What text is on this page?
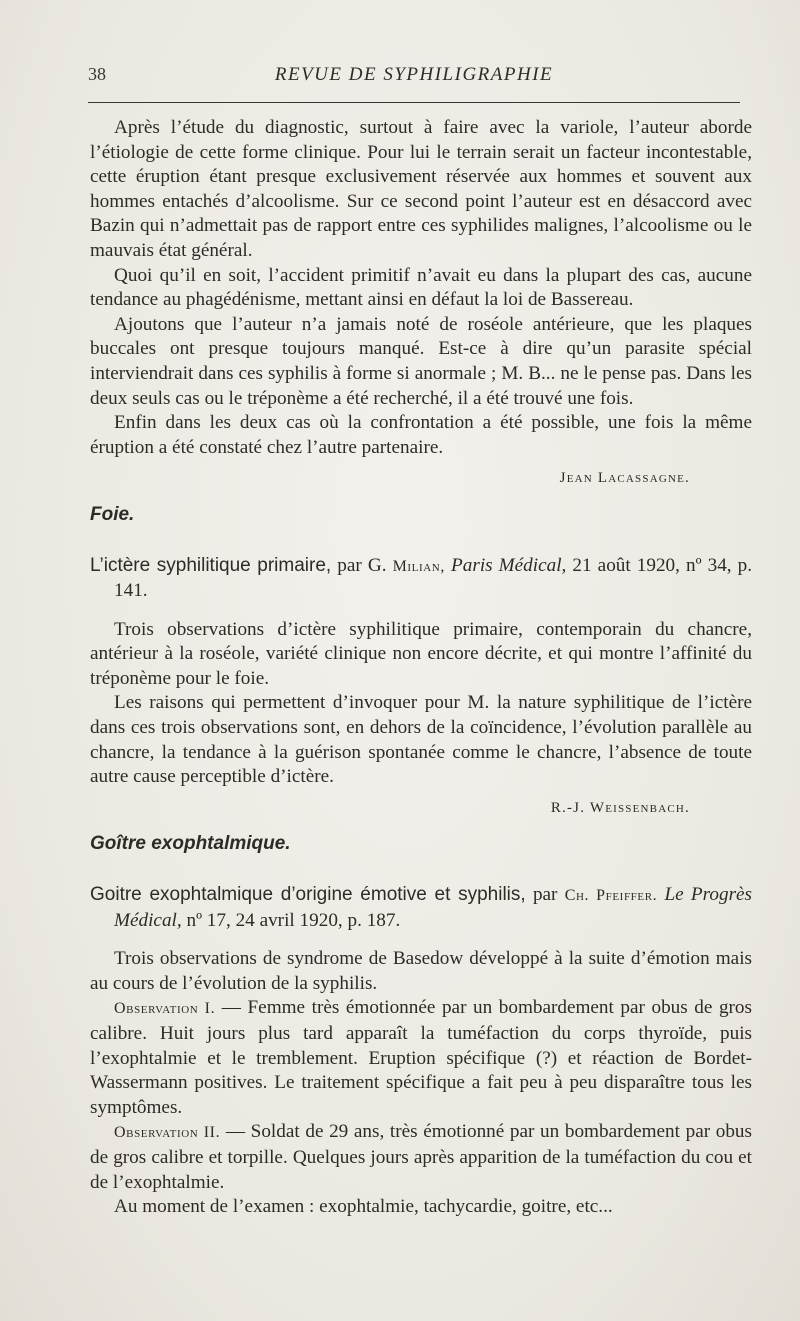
38	REVUE DE SYPHILIGRAPHIE

Après l’étude du diagnostic, surtout à faire avec la variole, l’auteur aborde l’étiologie de cette forme clinique. Pour lui le terrain serait un facteur incontestable, cette éruption étant presque exclusivement réservée aux hommes et souvent aux hommes entachés d’alcoolisme. Sur ce second point l’auteur est en désaccord avec Bazin qui n’admettait pas de rapport entre ces syphilides malignes, l’alcoolisme ou le mauvais état général.

Quoi qu’il en soit, l’accident primitif n’avait eu dans la plupart des cas, aucune tendance au phagédénisme, mettant ainsi en défaut la loi de Bassereau.

Ajoutons que l’auteur n’a jamais noté de roséole antérieure, que les plaques buccales ont presque toujours manqué. Est-ce à dire qu’un parasite spécial interviendrait dans ces syphilis à forme si anormale ; M. B... ne le pense pas. Dans les deux seuls cas ou le tréponème a été recherché, il a été trouvé une fois.

Enfin dans les deux cas où la confrontation a été possible, une fois la même éruption a été constaté chez l’autre partenaire.

Jean Lacassagne.
Foie.
L’ictère syphilitique primaire, par G. Milian, Paris Médical, 21 août 1920, nº 34, p. 141.

Trois observations d’ictère syphilitique primaire, contemporain du chancre, antérieur à la roséole, variété clinique non encore décrite, et qui montre l’affinité du tréponème pour le foie.

Les raisons qui permettent d’invoquer pour M. la nature syphilitique de l’ictère dans ces trois observations sont, en dehors de la coïncidence, l’évolution parallèle au chancre, la tendance à la guérison spontanée comme le chancre, l’absence de toute autre cause perceptible d’ictère.

R.-J. Weissenbach.
Goître exophtalmique.
Goitre exophtalmique d’origine émotive et syphilis, par Ch. Pfeiffer. Le Progrès Médical, nº 17, 24 avril 1920, p. 187.

Trois observations de syndrome de Basedow développé à la suite d’émotion mais au cours de l’évolution de la syphilis.

Observation I. — Femme très émotionnée par un bombardement par obus de gros calibre. Huit jours plus tard apparaît la tuméfaction du corps thyroïde, puis l’exophtalmie et le tremblement. Eruption spécifique (?) et réaction de Bordet-Wassermann positives. Le traitement spécifique a fait peu à peu disparaître tous les symptômes.

Observation II. — Soldat de 29 ans, très émotionné par un bombardement par obus de gros calibre et torpille. Quelques jours après apparition de la tuméfaction du cou et de l’exophtalmie.

Au moment de l’examen : exophtalmie, tachycardie, goitre, etc...
